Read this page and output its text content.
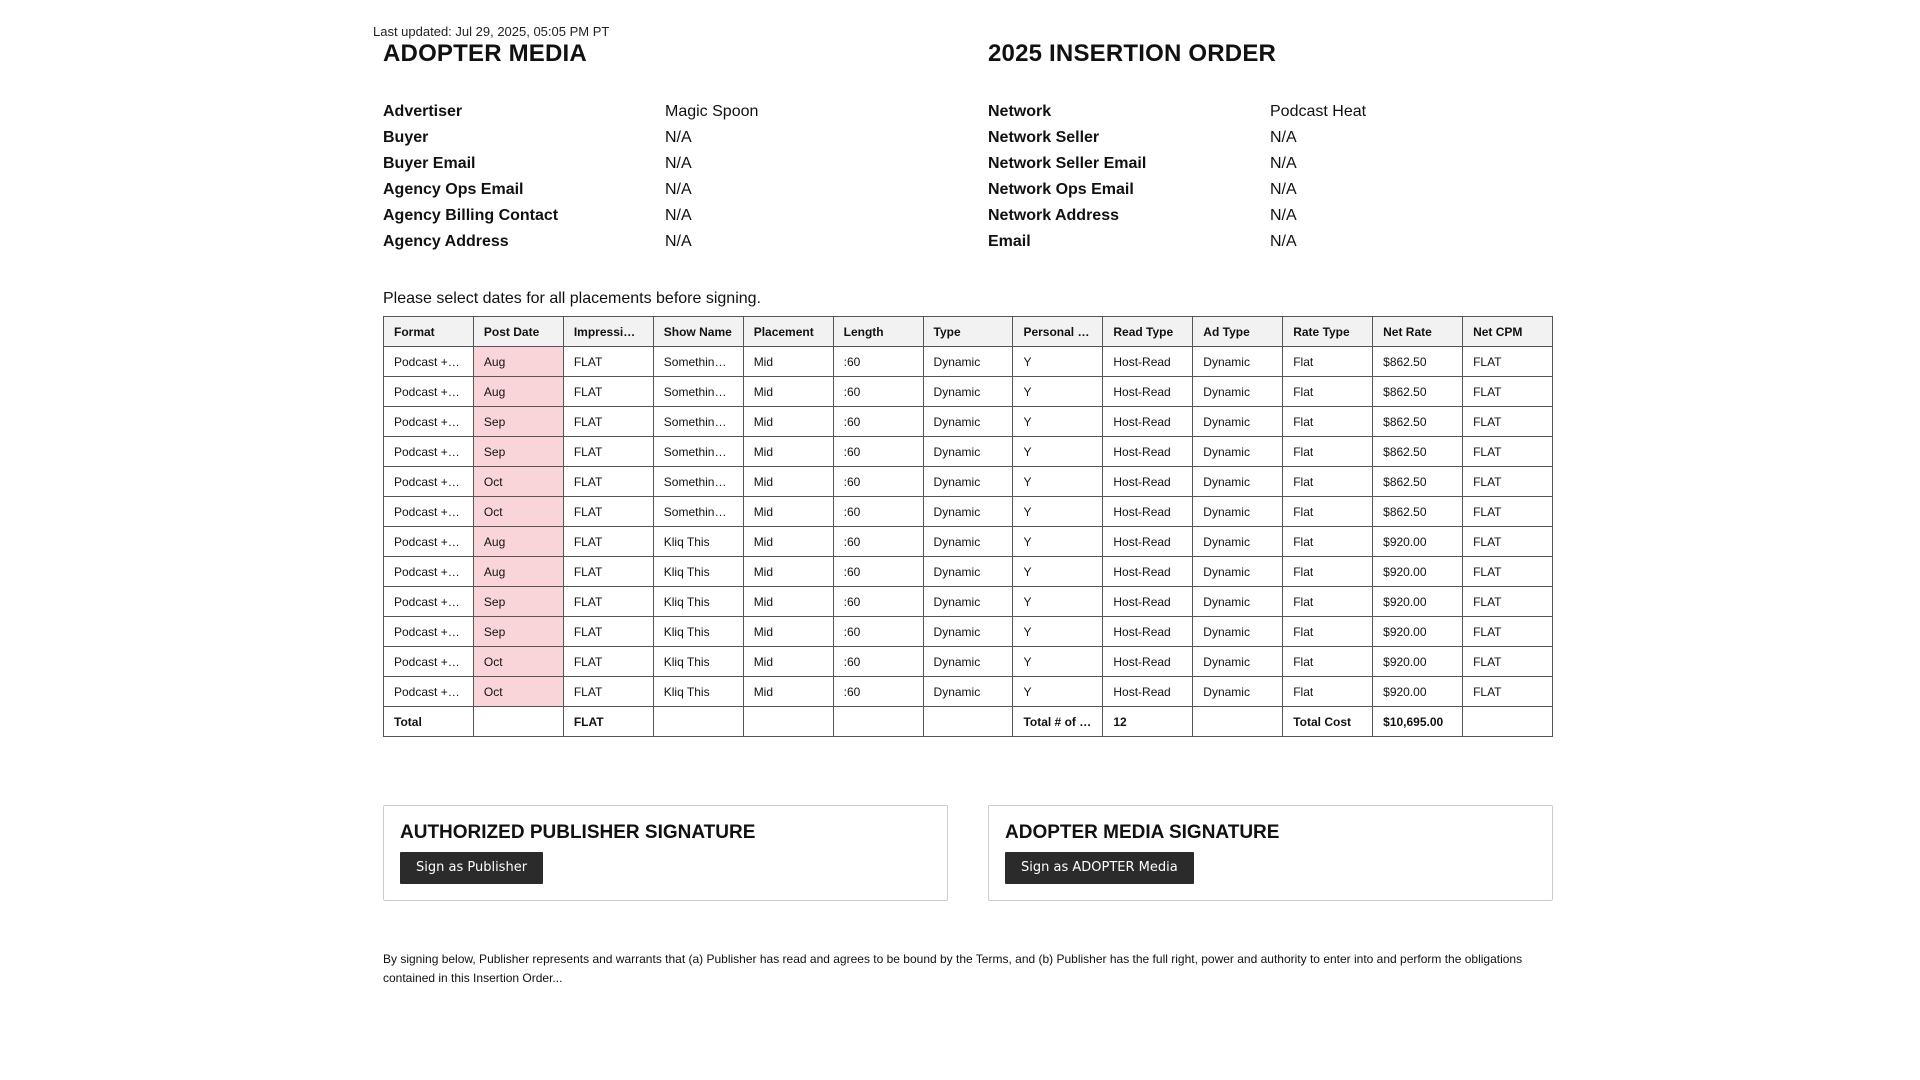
Last updated: Jul 29, 2025, 05:05 PM PT
ADOPTER MEDIA	2025 INSERTION ORDER
Advertiser	Magic Spoon
Buyer	N/A
Buyer Email	N/A
Agency Ops Email	N/A
Agency Billing Contact	N/A
Agency Address	N/A
Network	Podcast Heat
Network Seller	N/A
Network Seller Email	N/A
Network Ops Email	N/A
Network Address	N/A
Email	N/A
Please select dates for all placements before signing.
Format	Post Date	Impressi…	Show Name	Placement	Length	Type	Personal …	Read Type	Ad Type	Rate Type	Net Rate	Net CPM
Podcast +…	Aug	FLAT	Somethin…	Mid	:60	Dynamic	Y	Host-Read	Dynamic	Flat	$862.50	FLAT
Podcast +…	Aug	FLAT	Somethin…	Mid	:60	Dynamic	Y	Host-Read	Dynamic	Flat	$862.50	FLAT
Podcast +…	Sep	FLAT	Somethin…	Mid	:60	Dynamic	Y	Host-Read	Dynamic	Flat	$862.50	FLAT
Podcast +…	Sep	FLAT	Somethin…	Mid	:60	Dynamic	Y	Host-Read	Dynamic	Flat	$862.50	FLAT
Podcast +…	Oct	FLAT	Somethin…	Mid	:60	Dynamic	Y	Host-Read	Dynamic	Flat	$862.50	FLAT
Podcast +…	Oct	FLAT	Somethin…	Mid	:60	Dynamic	Y	Host-Read	Dynamic	Flat	$862.50	FLAT
Podcast +…	Aug	FLAT	Kliq This	Mid	:60	Dynamic	Y	Host-Read	Dynamic	Flat	$920.00	FLAT
Podcast +…	Aug	FLAT	Kliq This	Mid	:60	Dynamic	Y	Host-Read	Dynamic	Flat	$920.00	FLAT
Podcast +…	Sep	FLAT	Kliq This	Mid	:60	Dynamic	Y	Host-Read	Dynamic	Flat	$920.00	FLAT
Podcast +…	Sep	FLAT	Kliq This	Mid	:60	Dynamic	Y	Host-Read	Dynamic	Flat	$920.00	FLAT
Podcast +…	Oct	FLAT	Kliq This	Mid	:60	Dynamic	Y	Host-Read	Dynamic	Flat	$920.00	FLAT
Podcast +…	Oct	FLAT	Kliq This	Mid	:60	Dynamic	Y	Host-Read	Dynamic	Flat	$920.00	FLAT
Total		FLAT					Total # of …	12		Total Cost	$10,695.00	
AUTHORIZED PUBLISHER SIGNATURE
Sign as Publisher
ADOPTER MEDIA SIGNATURE
Sign as ADOPTER Media
By signing below, Publisher represents and warrants that (a) Publisher has read and agrees to be bound by the Terms, and (b) Publisher has the full right, power and authority to enter into and perform the obligations contained in this Insertion Order...
